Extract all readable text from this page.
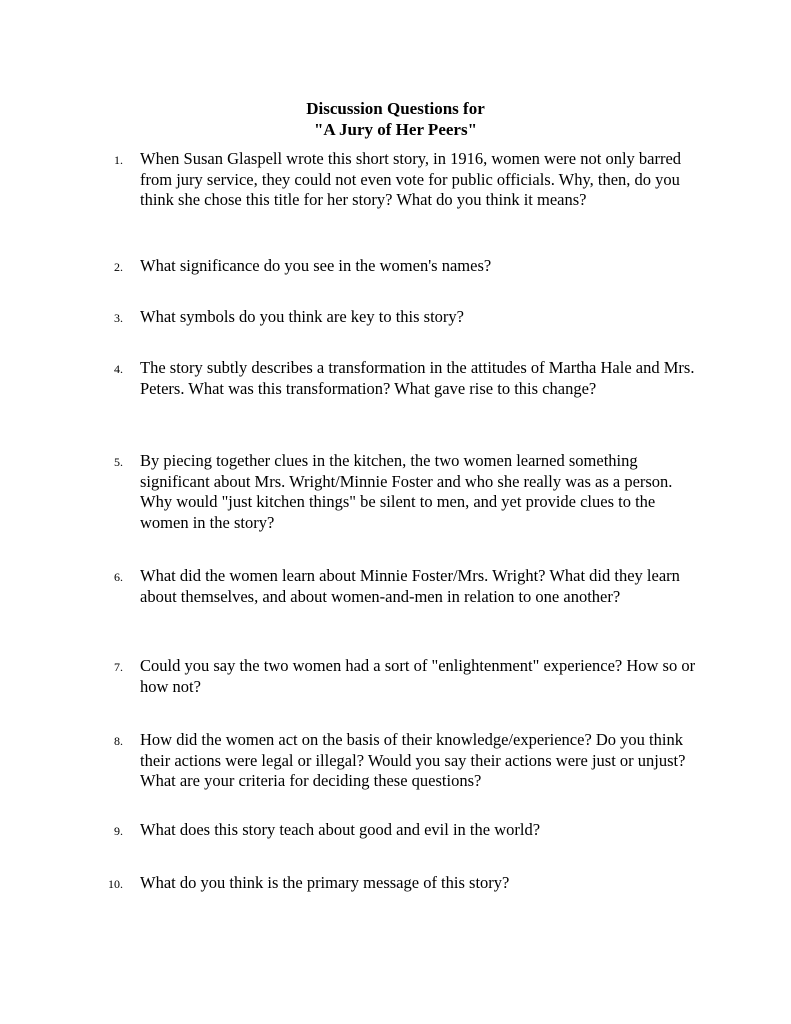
Discussion Questions for
"A Jury of Her Peers"
1.	When Susan Glaspell wrote this short story, in 1916, women were not only barred from jury service, they could not even vote for public officials. Why, then, do you think she chose this title for her story? What do you think it means?
2.	What significance do you see in the women's names?
3.	What symbols do you think are key to this story?
4.	The story subtly describes a transformation in the attitudes of Martha Hale and Mrs. Peters. What was this transformation? What gave rise to this change?
5.	By piecing together clues in the kitchen, the two women learned something significant about Mrs. Wright/Minnie Foster and who she really was as a person. Why would "just kitchen things" be silent to men, and yet provide clues to the women in the story?
6.	What did the women learn about Minnie Foster/Mrs. Wright? What did they learn about themselves, and about women-and-men in relation to one another?
7.	Could you say the two women had a sort of "enlightenment" experience? How so or how not?
8.	How did the women act on the basis of their knowledge/experience? Do you think their actions were legal or illegal? Would you say their actions were just or unjust? What are your criteria for deciding these questions?
9.	What does this story teach about good and evil in the world?
10.	What do you think is the primary message of this story?
